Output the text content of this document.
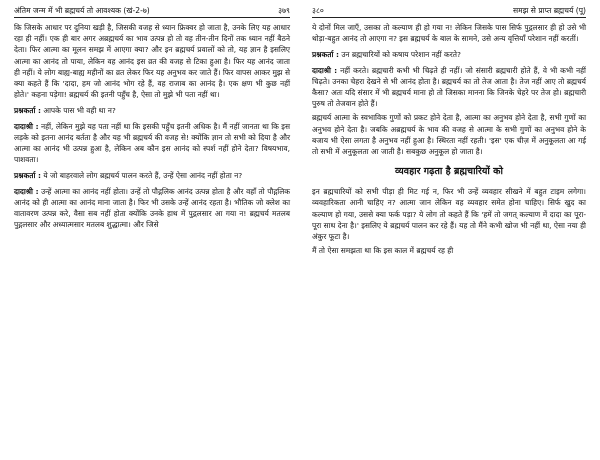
अंतिम जन्म में भी ब्रह्मचर्य तो आवश्यक (खं-2-७)	३७९

कि जिसके आधार पर दुनिया खड़ी है, जिसकी वजह से ध्यान फ्रिक्वर हो जाता है, उनके लिए यह आधार रहा ही नहीं। एक ही बार अगर अब्रह्मचर्य का भाव उत्पन्न हो तो वह तीन-तीन दिनों तक ध्यान नहीं बैठने देता। फिर आत्मा का मूलन समझ में आएगा क्या? और इन ब्रह्मचर्य प्रवालों को तो, यह ज्ञान है इसलिए आत्मा का आनंद तो पाया, लेकिन वह आनंद इस व्रत की वजह से टिका हुआ है। फिर यह आनंद जाता ही नहीं। ये लोग बाह्य-बाह्य महीनों का व्रत लेकर फिर यह अनुभव कर जाते हैं। फिर वापस आकर मुझ से क्या कहते हैं कि 'दादा, हम जो आनंद भोग रहे हैं, वह राजाब का आनंद है। एक क्षण भी कुछ नहीं होते।' कहना पड़ेगा! ब्रह्मचर्य की इतनी पहुँच है, ऐसा तो मुझे भी पता नहीं था।

प्रश्नकर्ता : आपके पास भी वही था न?

दादाश्री : नहीं, लेकिन मुझे यह पता नहीं था कि इसकी पहुँच इतनी अधिक है। मैं नहीं जानता था कि इस लड़के को इतना आनंद बर्तता है और यह भी ब्रह्मचर्य की वजह से! क्योंकि ज्ञान तो सभी को दिया है और आत्मा का आनंद भी उत्पन्न हुआ है, लेकिन अब कौन इस आनंद को स्पर्श नहीं होने देता? विषयभाव, पाशवता।

प्रश्नकर्ता : ये जो बाहरवाले लोग ब्रह्मचर्य पालन करते हैं, उन्हें ऐसा आनंद नहीं होता न?

दादाश्री : उन्हें आत्मा का आनंद नहीं होता। उन्हें तो पौद्गलिक आनंद उत्पन्न होता है और वहाँ तो पौद्गलिक आनंद को ही आत्मा का आनंद माना जाता है। फिर भी उसके उन्हें आनंद रहता है। भौतिक जो क्लेश का वातावरण उत्पन्न करे, वैसा सब नहीं होता क्योंकि उनके हाथ में पुद्गलसार आ गया न! ब्रह्मचर्य मतलब पुद्गलसार और अध्यात्मसार मतलब शुद्धात्मा। और जिसे

३८०	समझ से प्राप्त ब्रह्मचर्य (पू)

ये दोनों मिल जाएँ, उसका तो कल्याण ही हो गया न! लेकिन जिसके पास सिर्फ पुद्गलसार ही हो उसे भी थोड़ा-बहुत आनंद तो आएगा न? इस ब्रह्मचर्य के बाल के सामने, उसे अन्य वृत्तियाँ परेशान नहीं करतीं।

प्रश्नकर्ता : उन ब्रह्मचारियों को कषाय परेशान नहीं करते?

दादाश्री : नहीं करते। ब्रह्मचारी कभी भी चिढ़ते ही नहीं। जो संसारी ब्रह्मचारी होते हैं, वे भी कभी नहीं चिढ़ते। उनका चेहरा देखने से भी आनंद होता है। ब्रह्मचर्य का तो तेज आता है। तेज नहीं आए तो ब्रह्मचर्य कैसा? अतः यदि संसार में भी ब्रह्मचर्य माना हो तो जिसका मानना कि जिनके चेहरे पर तेज हो। ब्रह्मचारी पुरुष तो तेजवान होते हैं।

ब्रह्मचर्य आत्मा के स्वभाविक गुणों को प्रकट होने देता है, आत्मा का अनुभव होने देता है, सभी गुणों का अनुभव होने देता है। जबकि अब्रह्मचर्य के भाव की वजह से आत्मा के सभी गुणों का अनुभव होने के बजाय भी ऐसा लगता है अनुभव नहीं हुआ है। स्थिरता नहीं रहती। 'इस' एक चीज़ में अनुकूलता आ गई तो सभी में अनुकूलता आ जाती है। सबकुछ अनुकूल हो जाता है।

व्यवहार गढ़ता है ब्रह्मचारियों को

इन ब्रह्मचारियों को सभी पीड़ा ही मिट गई न, फिर भी उन्हें व्यवहार सीखने में बहुत टाइम लगेगा। व्यवहारिकता आनी चाहिए न? आत्मा जान लेकिन वह व्यवहार समेत होना चाहिए। सिर्फ खुद का कल्याण हो गया, उससे क्या फर्क पड़ा? ये लोग तो कहते हैं कि 'हमें तो जगत् कल्याण में दादा का पूरा-पूरा साथ देना है।' इसलिए ये ब्रह्मचर्य पालन कर रहे हैं। यह तो मैंने कभी खोज भी नहीं था, ऐसा नया ही अंकुर फूटा है।

मैं तो ऐसा समझता था कि इस काल में ब्रह्मचर्य रह ही
